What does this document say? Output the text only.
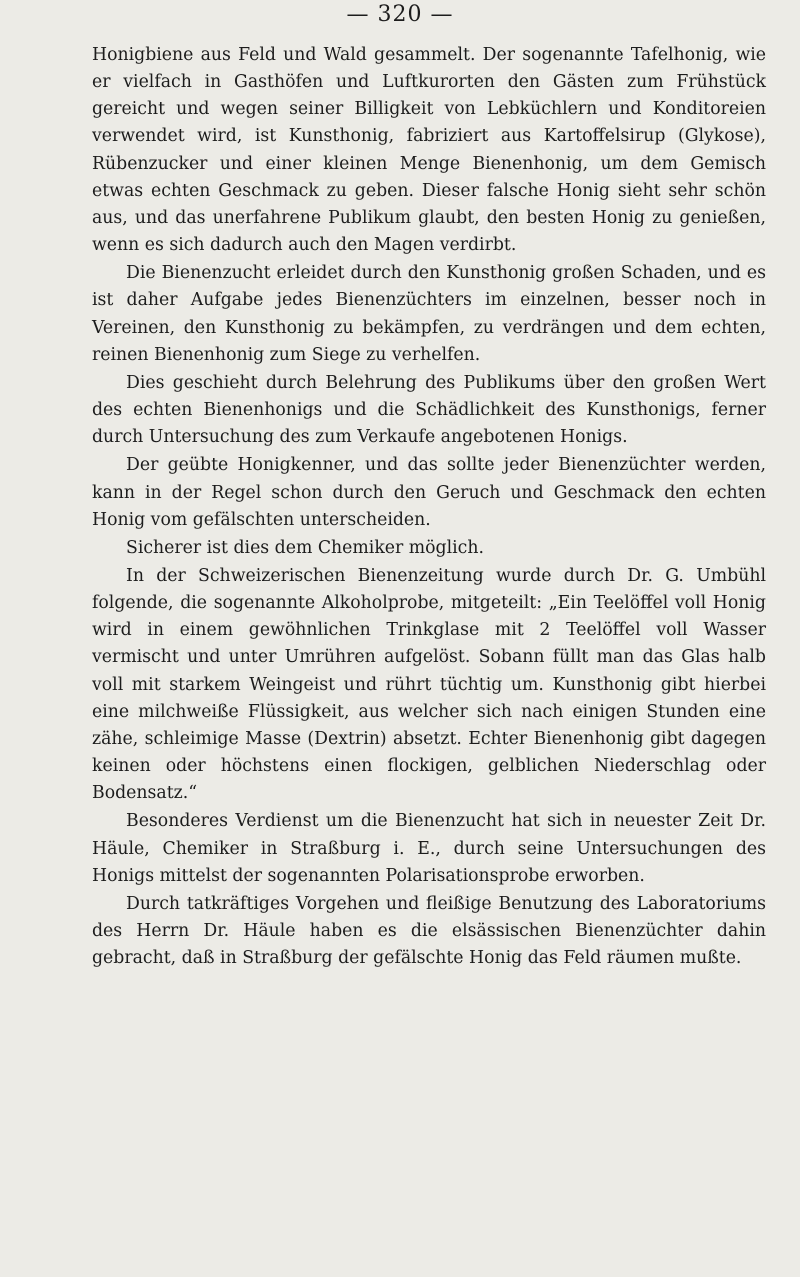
— 320 —

Honigbiene aus Feld und Wald gesammelt. Der sogenannte Tafelhonig, wie er vielfach in Gasthöfen und Luftkurorten den Gästen zum Frühstück gereicht und wegen seiner Billigkeit von Lebküchlern und Konditoreien verwendet wird, ist Kunsthonig, fabriziert aus Kartoffelsirup (Glykose), Rübenzucker und einer kleinen Menge Bienenhonig, um dem Gemisch etwas echten Geschmack zu geben. Dieser falsche Honig sieht sehr schön aus, und das unerfahrene Publikum glaubt, den besten Honig zu genießen, wenn es sich dadurch auch den Magen verdirbt.

Die Bienenzucht erleidet durch den Kunsthonig großen Schaden, und es ist daher Aufgabe jedes Bienenzüchters im einzelnen, besser noch in Vereinen, den Kunsthonig zu bekämpfen, zu verdrängen und dem echten, reinen Bienenhonig zum Siege zu verhelfen.

Dies geschieht durch Belehrung des Publikums über den großen Wert des echten Bienenhonigs und die Schädlichkeit des Kunsthonigs, ferner durch Untersuchung des zum Verkaufe angebotenen Honigs.

Der geübte Honigkenner, und das sollte jeder Bienenzüchter werden, kann in der Regel schon durch den Geruch und Geschmack den echten Honig vom gefälschten unterscheiden.

Sicherer ist dies dem Chemiker möglich.

In der Schweizerischen Bienenzeitung wurde durch Dr. G. Umbühl folgende, die sogenannte Alkoholprobe, mitgeteilt: „Ein Teelöffel voll Honig wird in einem gewöhnlichen Trinkglase mit 2 Teelöffel voll Wasser vermischt und unter Umrühren aufgelöst. Sobann füllt man das Glas halb voll mit starkem Weingeist und rührt tüchtig um. Kunsthonig gibt hierbei eine milchweiße Flüssigkeit, aus welcher sich nach einigen Stunden eine zähe, schleimige Masse (Dextrin) absetzt. Echter Bienenhonig gibt dagegen keinen oder höchstens einen flockigen, gelblichen Niederschlag oder Bodensatz.“

Besonderes Verdienst um die Bienenzucht hat sich in neuester Zeit Dr. Häule, Chemiker in Straßburg i. E., durch seine Untersuchungen des Honigs mittelst der sogenannten Polarisationsprobe erworben.

Durch tatkräftiges Vorgehen und fleißige Benutzung des Laboratoriums des Herrn Dr. Häule haben es die elsässischen Bienenzüchter dahin gebracht, daß in Straßburg der gefälschte Honig das Feld räumen mußte.
